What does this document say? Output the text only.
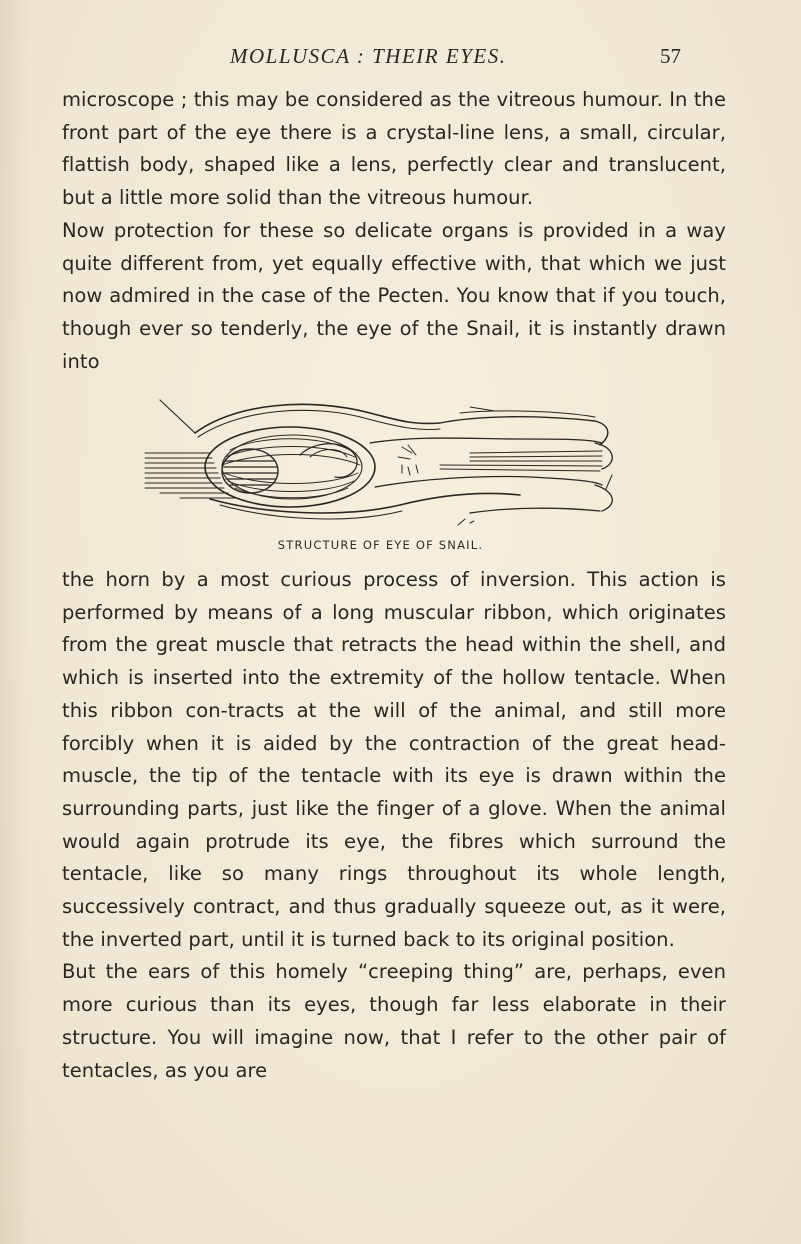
MOLLUSCA : THEIR EYES.	57

microscope ; this may be considered as the vitreous humour. In the front part of the eye there is a crystal-line lens, a small, circular, flattish body, shaped like a lens, perfectly clear and translucent, but a little more solid than the vitreous humour.

Now protection for these so delicate organs is provided in a way quite different from, yet equally effective with, that which we just now admired in the case of the Pecten. You know that if you touch, though ever so tenderly, the eye of the Snail, it is instantly drawn into

STRUCTURE OF EYE OF SNAIL.

the horn by a most curious process of inversion. This action is performed by means of a long muscular ribbon, which originates from the great muscle that retracts the head within the shell, and which is inserted into the extremity of the hollow tentacle. When this ribbon con-tracts at the will of the animal, and still more forcibly when it is aided by the contraction of the great head-muscle, the tip of the tentacle with its eye is drawn within the surrounding parts, just like the finger of a glove. When the animal would again protrude its eye, the fibres which surround the tentacle, like so many rings throughout its whole length, successively contract, and thus gradually squeeze out, as it were, the inverted part, until it is turned back to its original position.

But the ears of this homely “creeping thing” are, perhaps, even more curious than its eyes, though far less elaborate in their structure. You will imagine now, that I refer to the other pair of tentacles, as you are
